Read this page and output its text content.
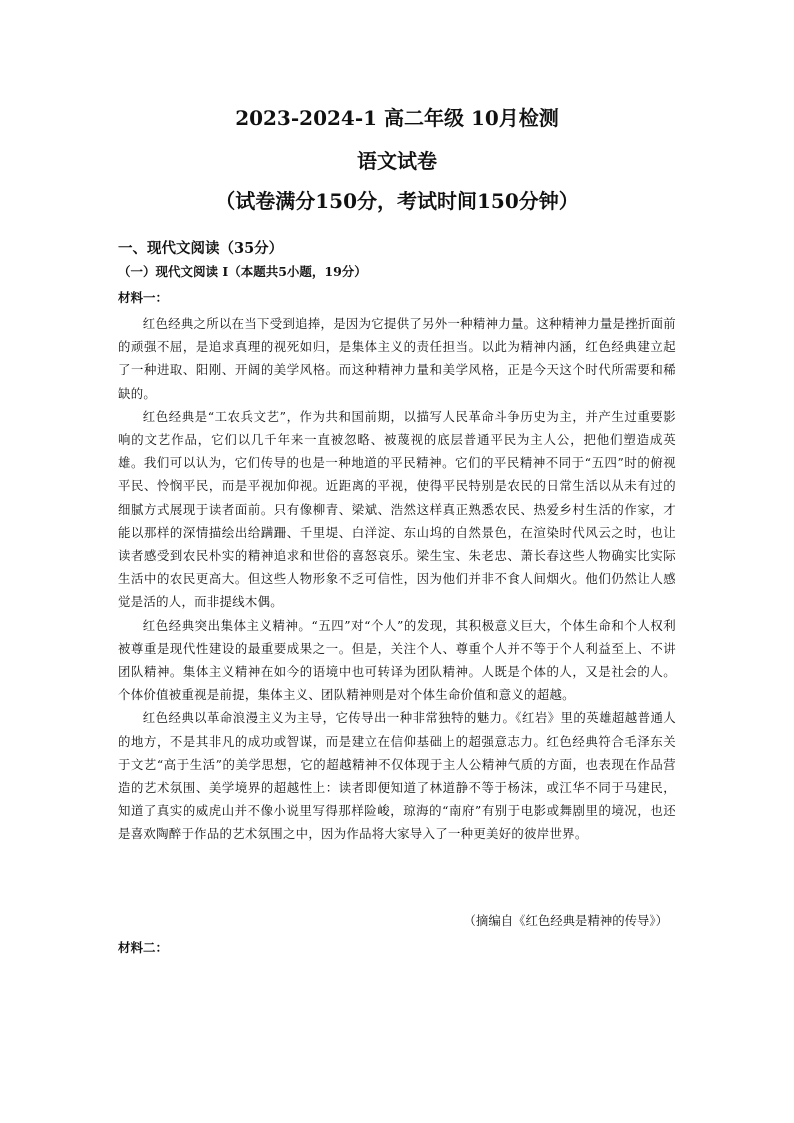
2023-2024-1 高二年级 10月检测
语文试卷
（试卷满分150分，考试时间150分钟）
一、现代文阅读（35分）
（一）现代文阅读 I（本题共5小题，19分）
材料一：

红色经典之所以在当下受到追捧，是因为它提供了另外一种精神力量。这种精神力量是挫折面前的顽强不屈，是追求真理的视死如归，是集体主义的责任担当。以此为精神内涵，红色经典建立起了一种进取、阳刚、开阔的美学风格。而这种精神力量和美学风格，正是今天这个时代所需要和稀缺的。

红色经典是“工农兵文艺”，作为共和国前期，以描写人民革命斗争历史为主，并产生过重要影响的文艺作品，它们以几千年来一直被忽略、被蔑视的底层普通平民为主人公，把他们塑造成英雄。我们可以认为，它们传导的也是一种地道的平民精神。它们的平民精神不同于“五四”时的俯视平民、怜悯平民，而是平视加仰视。近距离的平视，使得平民特别是农民的日常生活以从未有过的细腻方式展现于读者面前。只有像柳青、梁斌、浩然这样真正熟悉农民、热爱乡村生活的作家，才能以那样的深情描绘出给蹒跚、千里堤、白洋淀、东山坞的自然景色，在渲染时代风云之时，也让读者感受到农民朴实的精神追求和世俗的喜怒哀乐。梁生宝、朱老忠、萧长春这些人物确实比实际生活中的农民更高大。但这些人物形象不乏可信性，因为他们并非不食人间烟火。他们仍然让人感觉是活的人，而非提线木偶。

红色经典突出集体主义精神。“五四”对“个人”的发现，其积极意义巨大，个体生命和个人权利被尊重是现代性建设的最重要成果之一。但是，关注个人、尊重个人并不等于个人利益至上、不讲团队精神。集体主义精神在如今的语境中也可转译为团队精神。人既是个体的人，又是社会的人。个体价值被重视是前提，集体主义、团队精神则是对个体生命价值和意义的超越。

红色经典以革命浪漫主义为主导，它传导出一种非常独特的魅力。《红岩》里的英雄超越普通人的地方，不是其非凡的成功或智谋，而是建立在信仰基础上的超强意志力。红色经典符合毛泽东关于文艺“高于生活”的美学思想，它的超越精神不仅体现于主人公精神气质的方面，也表现在作品营造的艺术氛围、美学境界的超越性上：读者即便知道了林道静不等于杨沫，或江华不同于马建民，知道了真实的威虎山并不像小说里写得那样险峻，琼海的“南府”有别于电影或舞剧里的境况，也还是喜欢陶醉于作品的艺术氛围之中，因为作品将大家导入了一种更美好的彼岸世界。

（摘编自《红色经典是精神的传导》）
材料二：
